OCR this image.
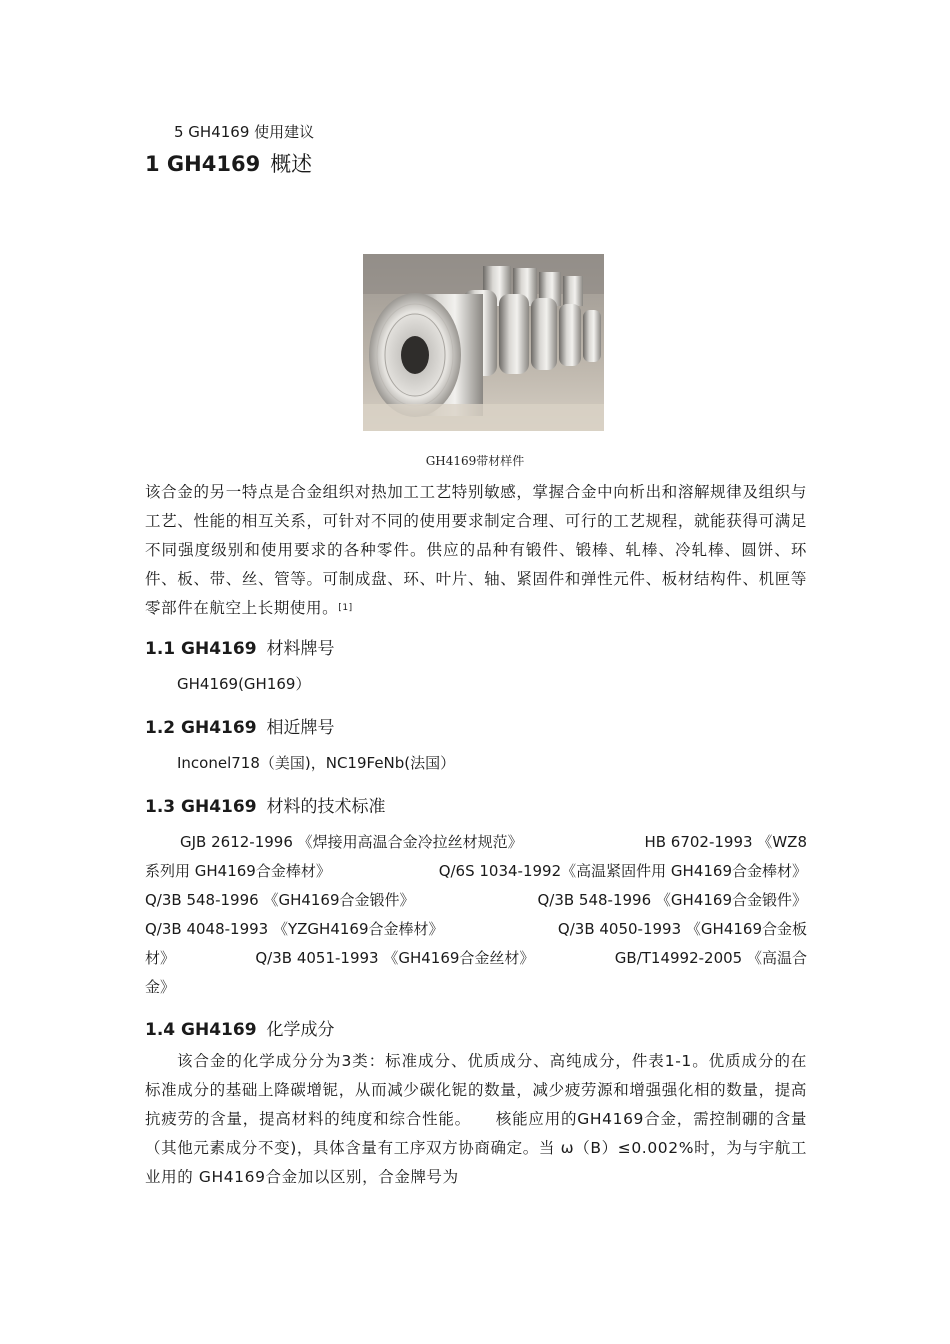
5 GH4169 使用建议
1 GH4169 概述
GH4169带材样件

该合金的另一特点是合金组织对热加工工艺特别敏感，掌握合金中向析出和溶解规律及组织与工艺、性能的相互关系，可针对不同的使用要求制定合理、可行的工艺规程，就能获得可满足不同强度级别和使用要求的各种零件。供应的品种有锻件、锻棒、轧棒、冷轧棒、圆饼、环件、板、带、丝、管等。可制成盘、环、叶片、轴、紧固件和弹性元件、板材结构件、机匣等零部件在航空上长期使用。[1]

1.1 GH4169 材料牌号
GH4169(GH169）
1.2 GH4169 相近牌号
Inconel718（美国)，NC19FeNb(法国）
1.3 GH4169 材料的技术标准
GJB 2612-1996 《焊接用高温合金冷拉丝材规范》	HB 6702-1993 《WZ8
系列用 GH4169合金棒材》	Q/6S 1034-1992《高温紧固件用 GH4169合金棒材》
Q/3B 548-1996 《GH4169合金锻件》	Q/3B 548-1996 《GH4169合金锻件》
Q/3B 4048-1993 《YZGH4169合金棒材》	Q/3B 4050-1993 《GH4169合金板
材》	Q/3B 4051-1993 《GH4169合金丝材》	GB/T14992-2005 《高温合
金》
1.4 GH4169 化学成分

该合金的化学成分分为3类：标准成分、优质成分、高纯成分，件表1-1。优质成分的在标准成分的基础上降碳增铌，从而减少碳化铌的数量，减少疲劳源和增强强化相的数量，提高抗疲劳的含量，提高材料的纯度和综合性能。　　核能应用的GH4169合金，需控制硼的含量（其他元素成分不变)，具体含量有工序双方协商确定。当 ω（B）≤0.002%时，为与宇航工业用的 GH4169合金加以区别，合金牌号为
